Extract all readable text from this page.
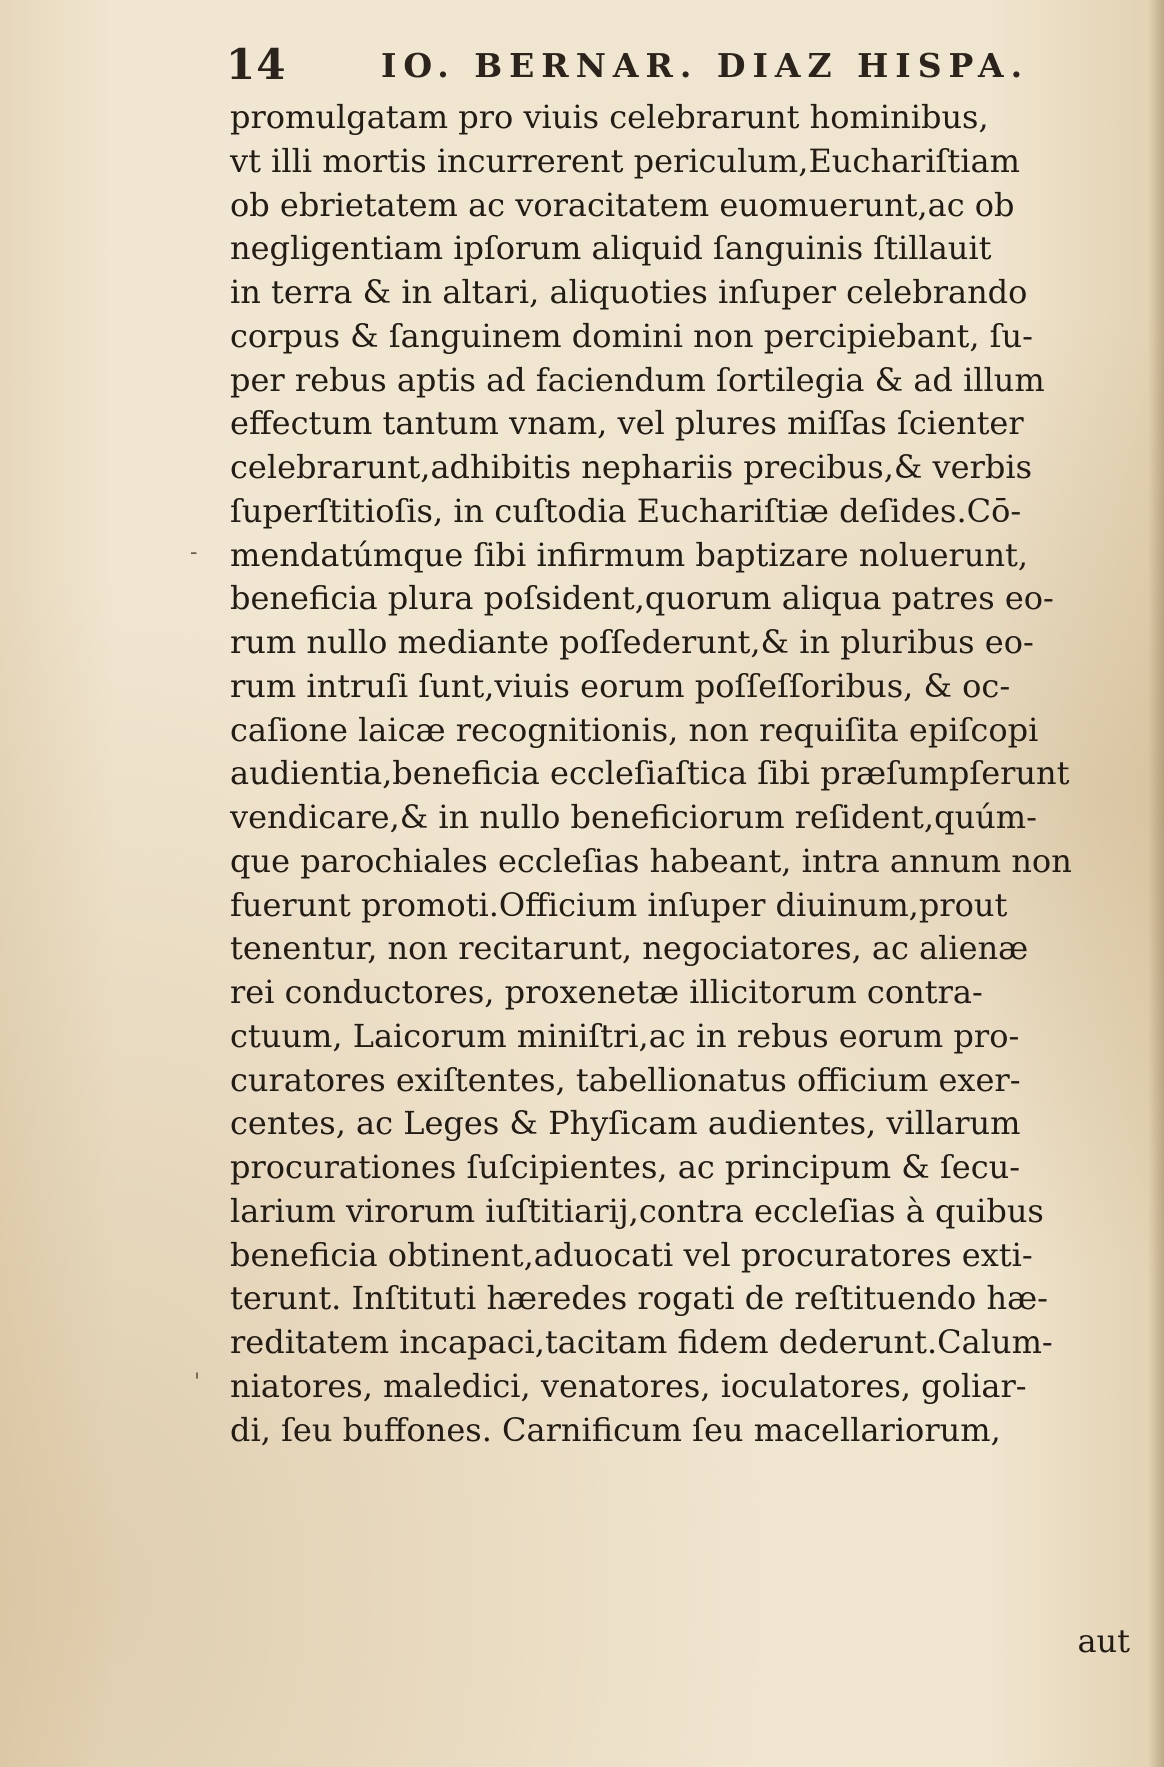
14	IO. BERNAR. DIAZ HISPA.
promulgatam pro viuis celebrarunt hominibus,
vt illi mortis incurrerent periculum,Euchariſtiam
ob ebrietatem ac voracitatem euomuerunt,ac ob
negligentiam ipſorum aliquid ſanguinis ſtillauit
in terra & in altari, aliquoties inſuper celebrando
corpus & ſanguinem domini non percipiebant, ſu-
per rebus aptis ad faciendum ſortilegia & ad illum
effectum tantum vnam, vel plures miſſas ſcienter
celebrarunt,adhibitis nephariis precibus,& verbis
ſuperſtitioſis, in cuſtodia Euchariſtiæ deſides.Cō-
mendatúmque ſibi infirmum baptizare noluerunt,
beneficia plura poſsident,quorum aliqua patres eo-
rum nullo mediante poſſederunt,& in pluribus eo-
rum intruſi ſunt,viuis eorum poſſeſſoribus, & oc-
caſione laicæ recognitionis, non requiſita epiſcopi
audientia,beneficia eccleſiaſtica ſibi præſumpſerunt
vendicare,& in nullo beneficiorum reſident,quúm-
que parochiales eccleſias habeant, intra annum non
fuerunt promoti.Officium inſuper diuinum,prout
tenentur, non recitarunt, negociatores, ac alienæ
rei conductores, proxenetæ illicitorum contra-
ctuum, Laicorum miniſtri,ac in rebus eorum pro-
curatores exiſtentes, tabellionatus officium exer-
centes, ac Leges & Phyſicam audientes, villarum
procurationes ſuſcipientes, ac principum & ſecu-
larium virorum iuſtitiarij,contra eccleſias à quibus
beneficia obtinent,aduocati vel procuratores exti-
terunt. Inſtituti hæredes rogati de reſtituendo hæ-
reditatem incapaci,tacitam fidem dederunt.Calum-
niatores, maledici, venatores, ioculatores, goliar-
di, ſeu buffones. Carnificum ſeu macellariorum,
aut
-
'
